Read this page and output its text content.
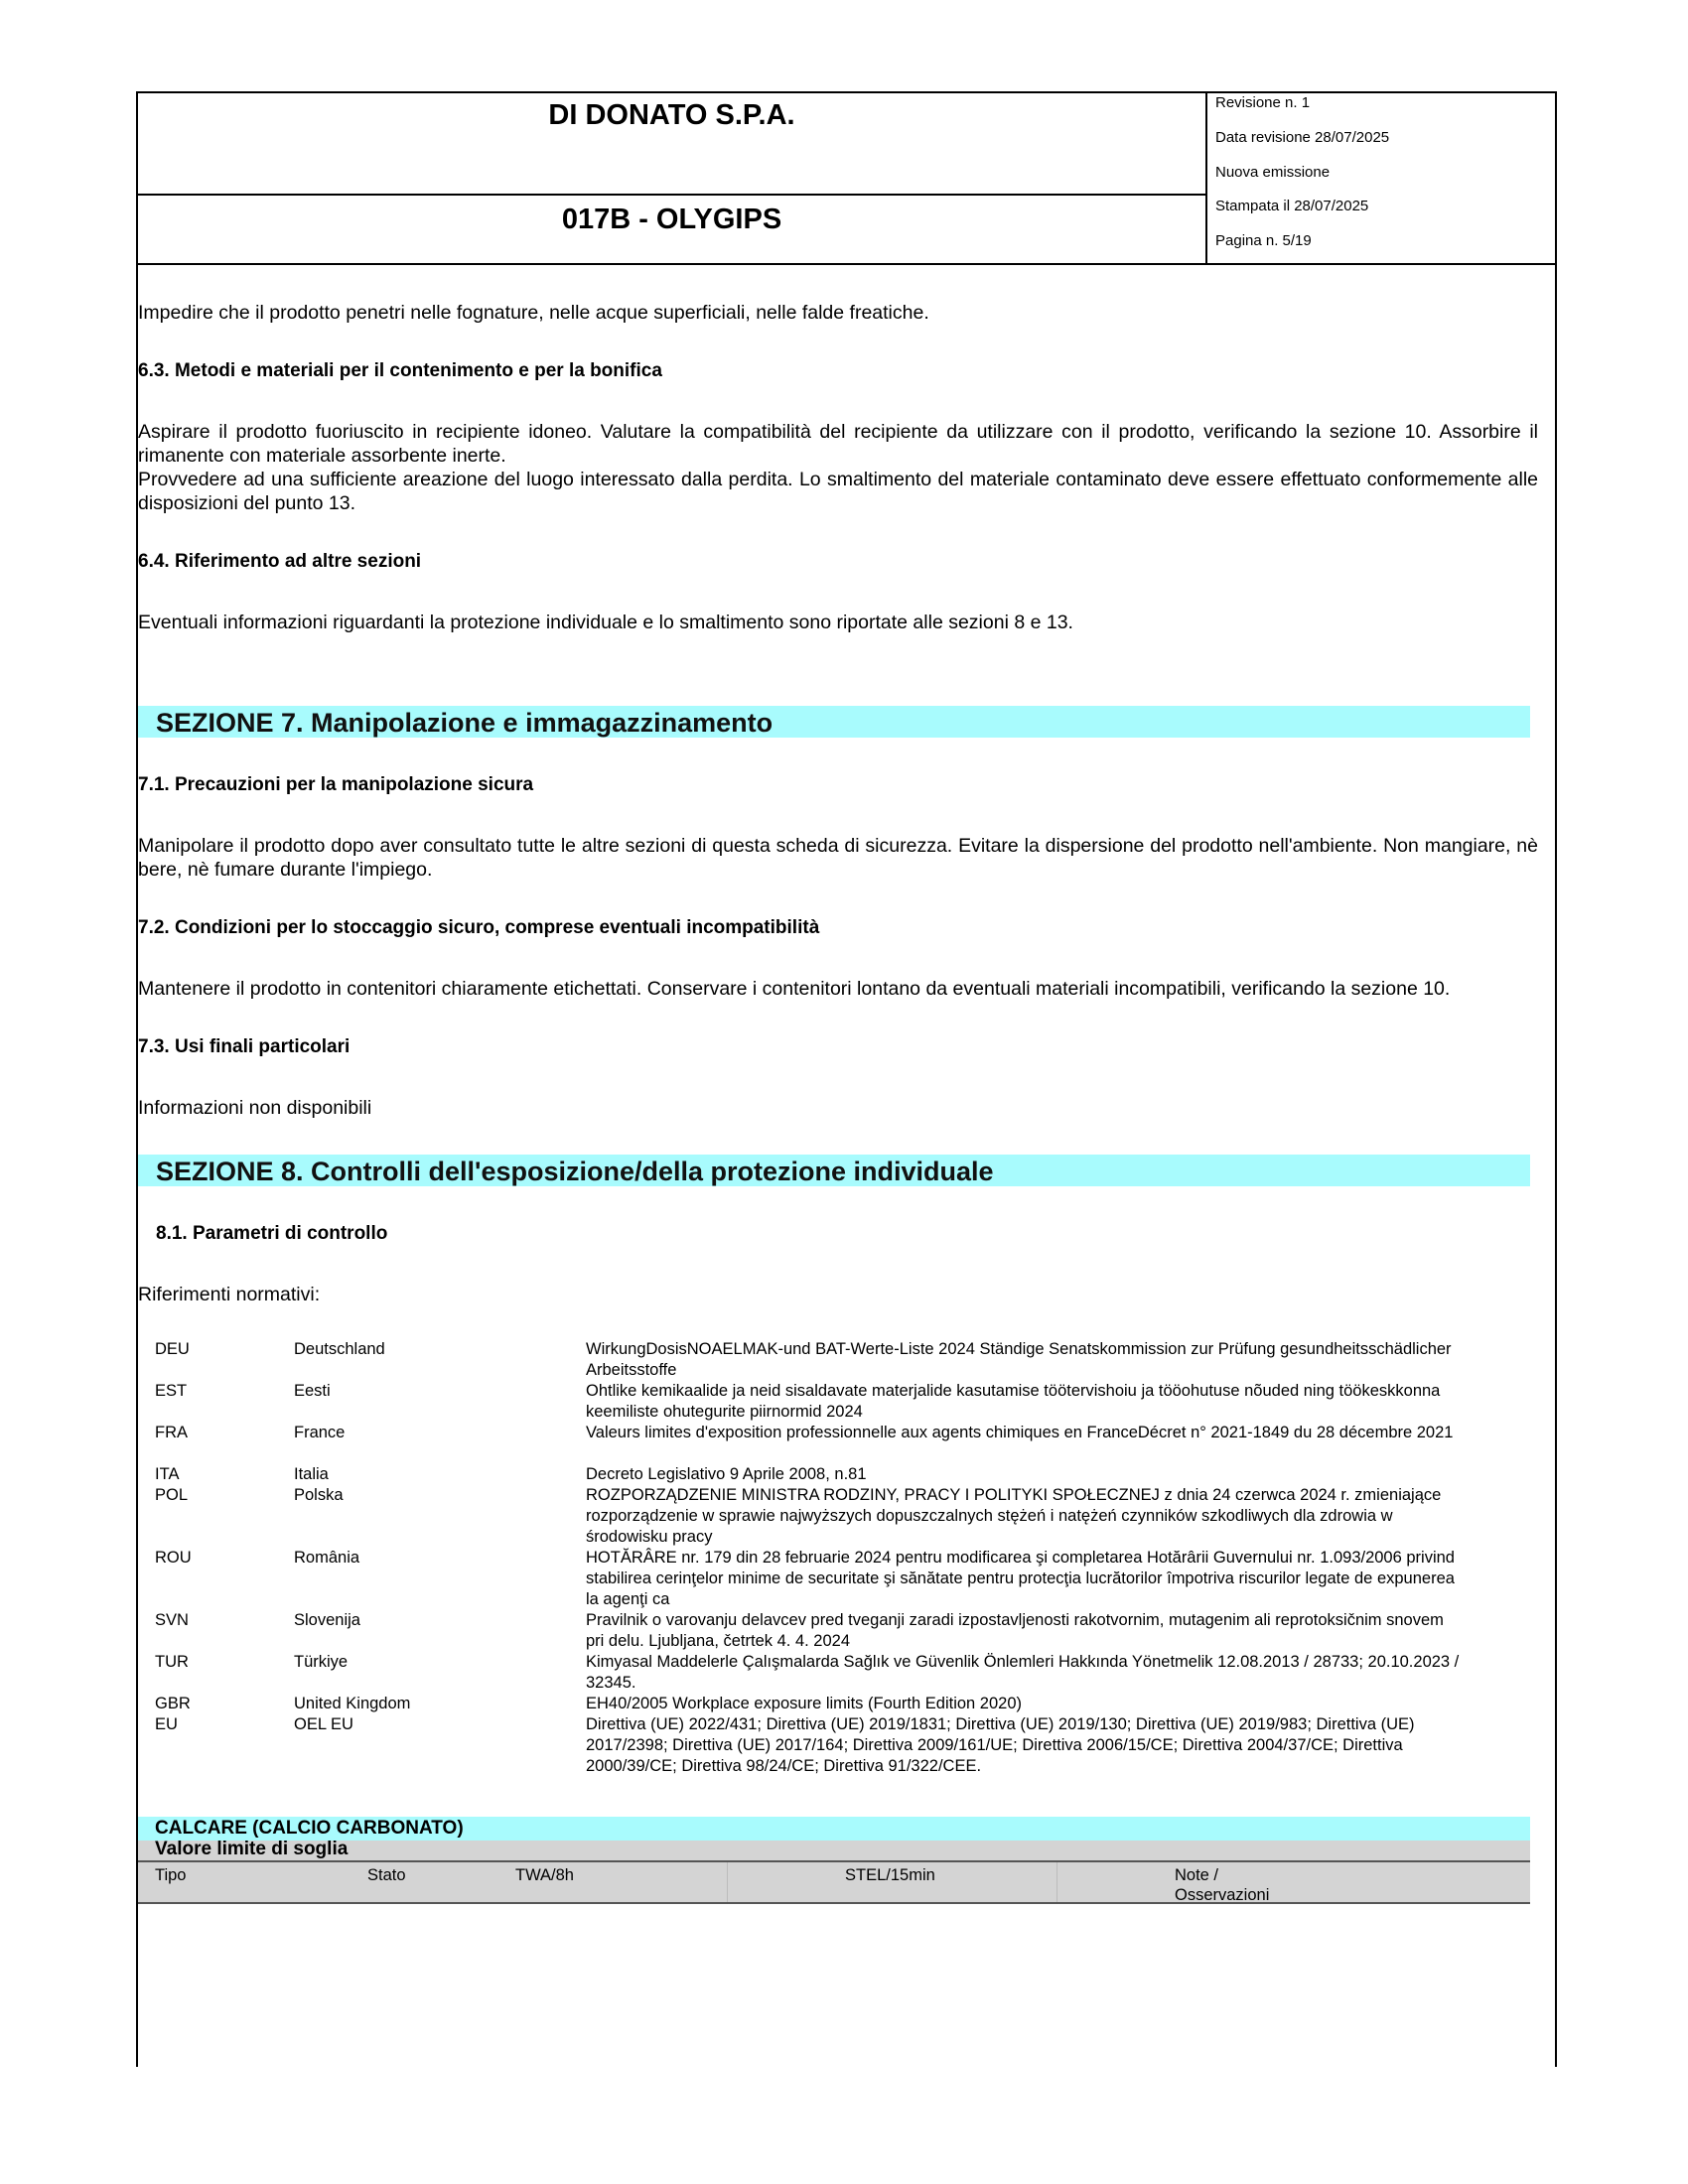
DI DONATO S.P.A.
017B - OLYGIPS
Revisione n. 1
Data revisione 28/07/2025
Nuova emissione
Stampata il 28/07/2025
Pagina n. 5/19
Impedire che il prodotto penetri nelle fognature, nelle acque superficiali, nelle falde freatiche.
6.3. Metodi e materiali per il contenimento e per la bonifica
Aspirare il prodotto fuoriuscito in recipiente idoneo. Valutare la compatibilità del recipiente da utilizzare con il prodotto, verificando la sezione 10. Assorbire il rimanente con materiale assorbente inerte.
Provvedere ad una sufficiente areazione del luogo interessato dalla perdita. Lo smaltimento del materiale contaminato deve essere effettuato conformemente alle disposizioni del punto 13.
6.4. Riferimento ad altre sezioni
Eventuali informazioni riguardanti la protezione individuale e lo smaltimento sono riportate alle sezioni 8 e 13.
SEZIONE 7. Manipolazione e immagazzinamento
7.1. Precauzioni per la manipolazione sicura
Manipolare il prodotto dopo aver consultato tutte le altre sezioni di questa scheda di sicurezza. Evitare la dispersione del prodotto nell'ambiente. Non mangiare, nè bere, nè fumare durante l'impiego.
7.2. Condizioni per lo stoccaggio sicuro, comprese eventuali incompatibilità
Mantenere il prodotto in contenitori chiaramente etichettati. Conservare i contenitori lontano da eventuali materiali incompatibili, verificando la sezione 10.
7.3. Usi finali particolari
Informazioni non disponibili
SEZIONE 8. Controlli dell'esposizione/della protezione individuale
8.1. Parametri di controllo
Riferimenti normativi:
DEU	Deutschland	WirkungDosisNOAELMAK-und BAT-Werte-Liste 2024 Ständige Senatskommission zur Prüfung gesundheitsschädlicher Arbeitsstoffe
EST	Eesti	Ohtlike kemikaalide ja neid sisaldavate materjalide kasutamise töötervishoiu ja tööohutuse nõuded ning töökeskkonna keemiliste ohutegurite piirnormid 2024
FRA	France	Valeurs limites d'exposition professionnelle aux agents chimiques en FranceDécret n° 2021-1849 du 28 décembre 2021
ITA	Italia	Decreto Legislativo 9 Aprile 2008, n.81
POL	Polska	ROZPORZĄDZENIE MINISTRA RODZINY, PRACY I POLITYKI SPOŁECZNEJ z dnia 24 czerwca 2024 r. zmieniające rozporządzenie w sprawie najwyższych dopuszczalnych stężeń i natężeń czynników szkodliwych dla zdrowia w środowisku pracy
ROU	România	HOTĂRÂRE nr. 179 din 28 februarie 2024 pentru modificarea şi completarea Hotărârii Guvernului nr. 1.093/2006 privind stabilirea cerinţelor minime de securitate şi sănătate pentru protecţia lucrătorilor împotriva riscurilor legate de expunerea la agenţi ca
SVN	Slovenija	Pravilnik o varovanju delavcev pred tveganji zaradi izpostavljenosti rakotvornim, mutagenim ali reprotoksičnim snovem pri delu. Ljubljana, četrtek 4. 4. 2024
TUR	Türkiye	Kimyasal Maddelerle Çalışmalarda Sağlık ve Güvenlik Önlemleri Hakkında Yönetmelik 12.08.2013 / 28733; 20.10.2023 / 32345.
GBR	United Kingdom	EH40/2005 Workplace exposure limits (Fourth Edition 2020)
EU	OEL EU	Direttiva (UE) 2022/431; Direttiva (UE) 2019/1831; Direttiva (UE) 2019/130; Direttiva (UE) 2019/983; Direttiva (UE) 2017/2398; Direttiva (UE) 2017/164; Direttiva 2009/161/UE; Direttiva 2006/15/CE; Direttiva 2004/37/CE; Direttiva 2000/39/CE; Direttiva 98/24/CE; Direttiva 91/322/CEE.
CALCARE (CALCIO CARBONATO)
Valore limite di soglia
Tipo	Stato	TWA/8h	STEL/15min	Note /
Osservazioni
